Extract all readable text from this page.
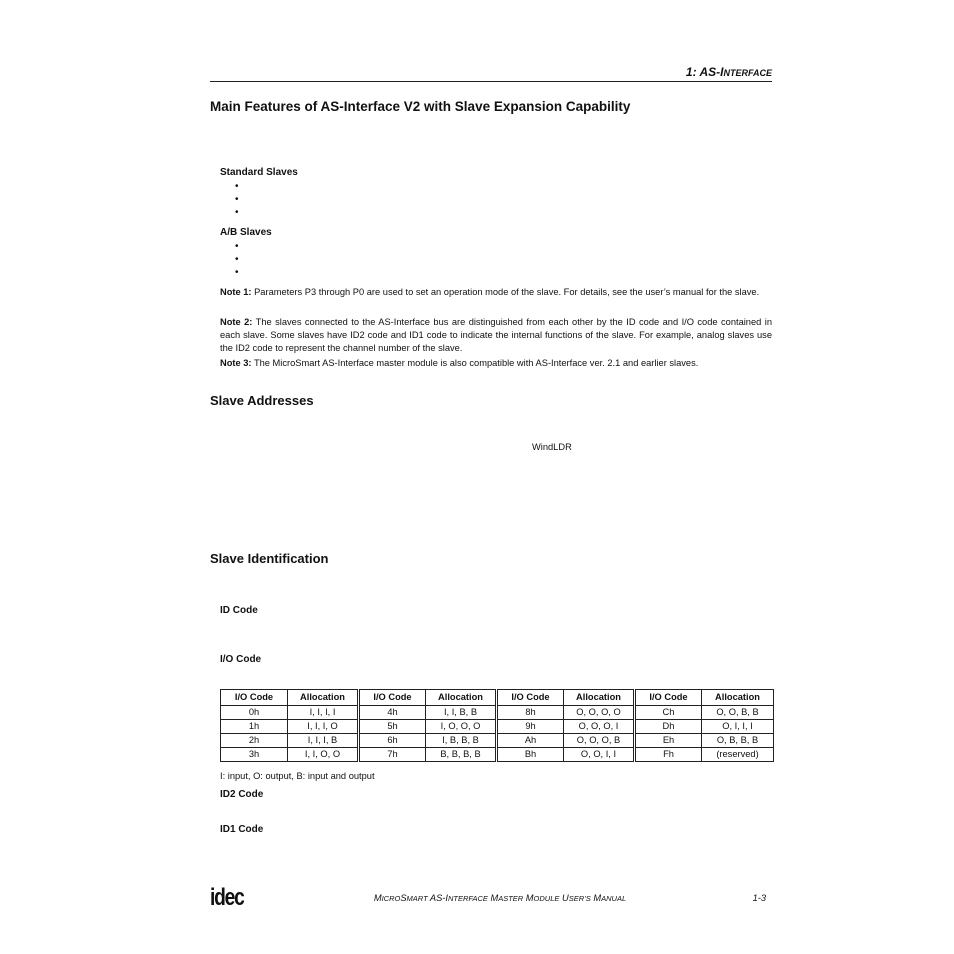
1: AS-INTERFACE
Main Features of AS-Interface V2 with Slave Expansion Capability
Standard Slaves
•
•
•
A/B Slaves
•
•
•
Note 1: Parameters P3 through P0 are used to set an operation mode of the slave. For details, see the user’s manual for the slave.
Note 2: The slaves connected to the AS-Interface bus are distinguished from each other by the ID code and I/O code contained in each slave. Some slaves have ID2 code and ID1 code to indicate the internal functions of the slave. For example, analog slaves use the ID2 code to represent the channel number of the slave.
Note 3: The MicroSmart AS-Interface master module is also compatible with AS-Interface ver. 2.1 and earlier slaves.
Slave Addresses
WindLDR
Slave Identification
ID Code
I/O Code
I/O Code	Allocation	I/O Code	Allocation	I/O Code	Allocation	I/O Code	Allocation
0h	I, I, I, I	4h	I, I, B, B	8h	O, O, O, O	Ch	O, O, B, B
1h	I, I, I, O	5h	I, O, O, O	9h	O, O, O, I	Dh	O, I, I, I
2h	I, I, I, B	6h	I, B, B, B	Ah	O, O, O, B	Eh	O, B, B, B
3h	I, I, O, O	7h	B, B, B, B	Bh	O, O, I, I	Fh	(reserved)
I: input, O: output, B: input and output
ID2 Code
ID1 Code
idec	MICROSMART AS-INTERFACE MASTER MODULE USER’S MANUAL	1-3
